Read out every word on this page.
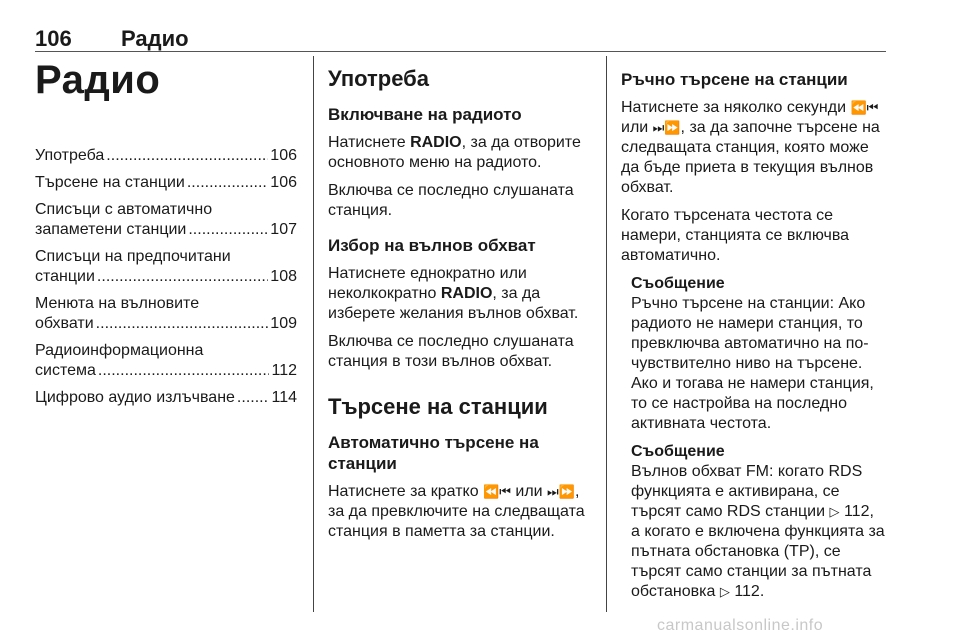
106 Радио
Радио
Употреба .....	106
Търсене на станции .....	106
Списъци с автоматично
запаметени станции .....	107
Списъци на предпочитани
станции .....	108
Менюта на вълновите
обхвати .....	109
Радиоинформационна
система .....	112
Цифрово аудио излъчване ..... 114
Употреба
Включване на радиото

Натиснете RADIO, за да отворите основното меню на радиото.

Включва се последно слушаната станция.

Избор на вълнов обхват

Натиснете еднократно или неколкократно RADIO, за да изберете желания вълнов обхват.

Включва се последно слушаната станция в този вълнов обхват.

Търсене на станции
Автоматично търсене на станции

Натиснете за кратко ⏪⏮ или ⏭⏩, за да превключите на следващата станция в паметта за станции.

Ръчно търсене на станции

Натиснете за няколко секунди ⏪⏮ или ⏭⏩, за да започне търсене на следващата станция, която може да бъде приета в текущия вълнов обхват.

Когато търсената честота се намери, станцията се включва автоматично.

Съобщение

Ръчно търсене на станции: Ако радиото не намери станция, то превключва автоматично на по-чувствително ниво на търсене. Ако и тогава не намери станция, то се настройва на последно активната честота.

Съобщение

Вълнов обхват FM: когато RDS функцията е активирана, се търсят само RDS станции ▷ 112, а когато е включена функцията за пътната обстановка (TP), се търсят само станции за пътната обстановка ▷ 112.

carmanualsonline.info
